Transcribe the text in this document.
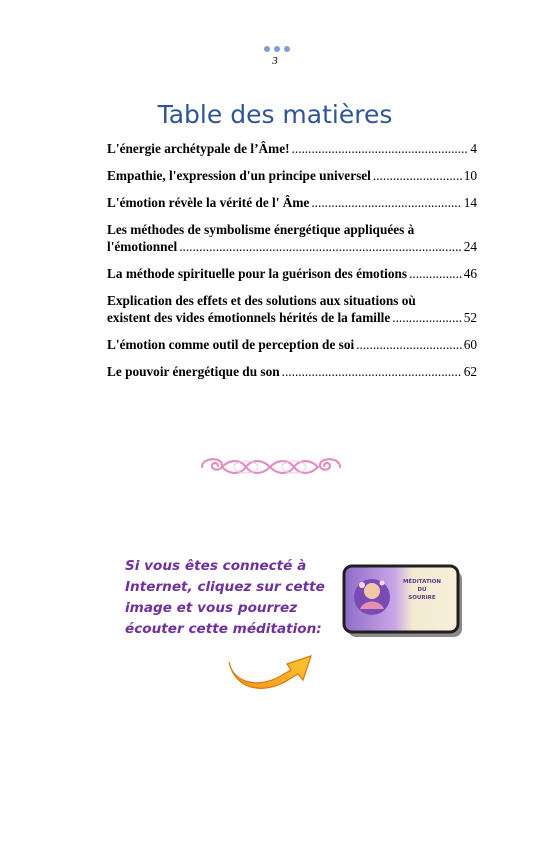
3
Table des matières
L'énergie archétypale de l’Âme! .....	4
Empathie, l'expression d'un principe universel .....	10
L'émotion révèle la vérité de l' Âme .....	14
Les méthodes de symbolisme énergétique appliquées à
l'émotionnel .....	24
La méthode spirituelle pour la guérison des émotions .....	46
Explication des effets et des solutions aux situations où
existent des vides émotionnels hérités de la famille .....	52
L'émotion comme outil de perception de soi .....	60
Le pouvoir énergétique du son .....	62
Si vous êtes connecté à
Internet, cliquez sur cette
image et vous pourrez
écouter cette méditation:
MÉDITATION
DU
SOURIRE
